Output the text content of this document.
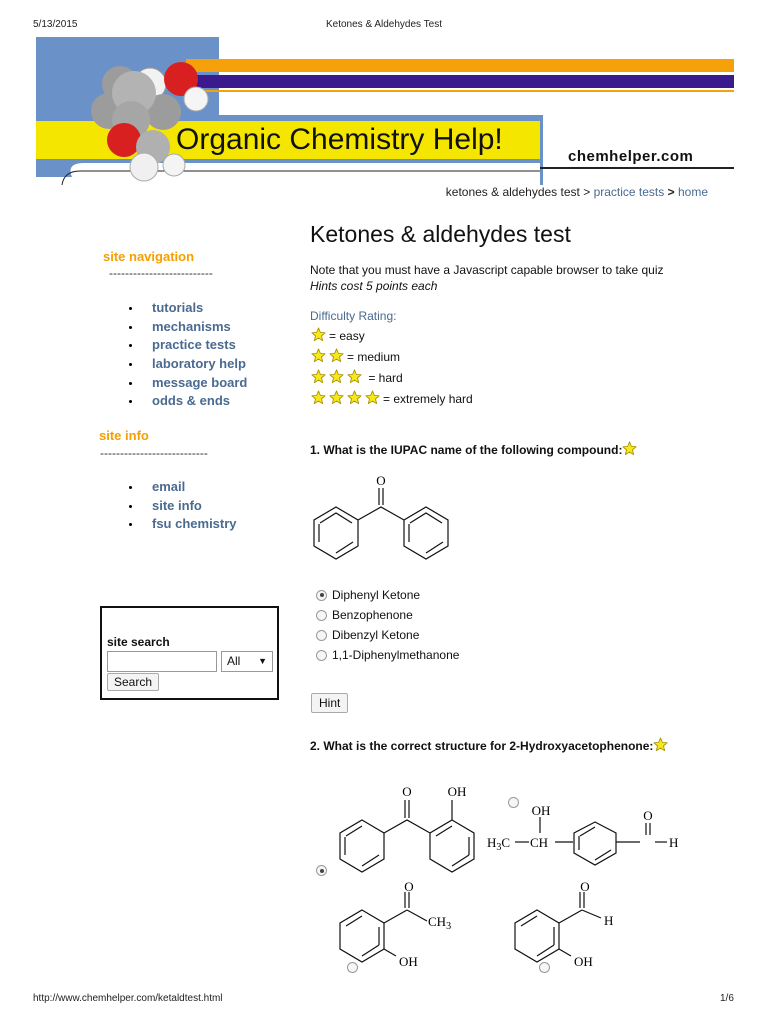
5/13/2015	Ketones & Aldehydes Test
Organic Chemistry Help!
chemhelper.com
ketones & aldehydes test > practice tests > home
site navigation
--------------------------
• tutorials
• mechanisms
• practice tests
• laboratory help
• message board
• odds & ends
site info
---------------------------
• email
• site info
• fsu chemistry
site search
All ▼
Search
Ketones & aldehydes test
Note that you must have a Javascript capable browser to take quiz
Hints cost 5 points each
Difficulty Rating:
= easy
= medium
= hard
= extremely hard
1. What is the IUPAC name of the following compound:
O
Diphenyl Ketone
Benzophenone
Dibenzyl Ketone
1,1-Diphenylmethanone
Hint
2. What is the correct structure for 2-Hydroxyacetophenone:
O	OH

OH
H3C CH
O
H

O
CH3
OH
O
H
OH
http://www.chemhelper.com/ketaldtest.html	1/6
